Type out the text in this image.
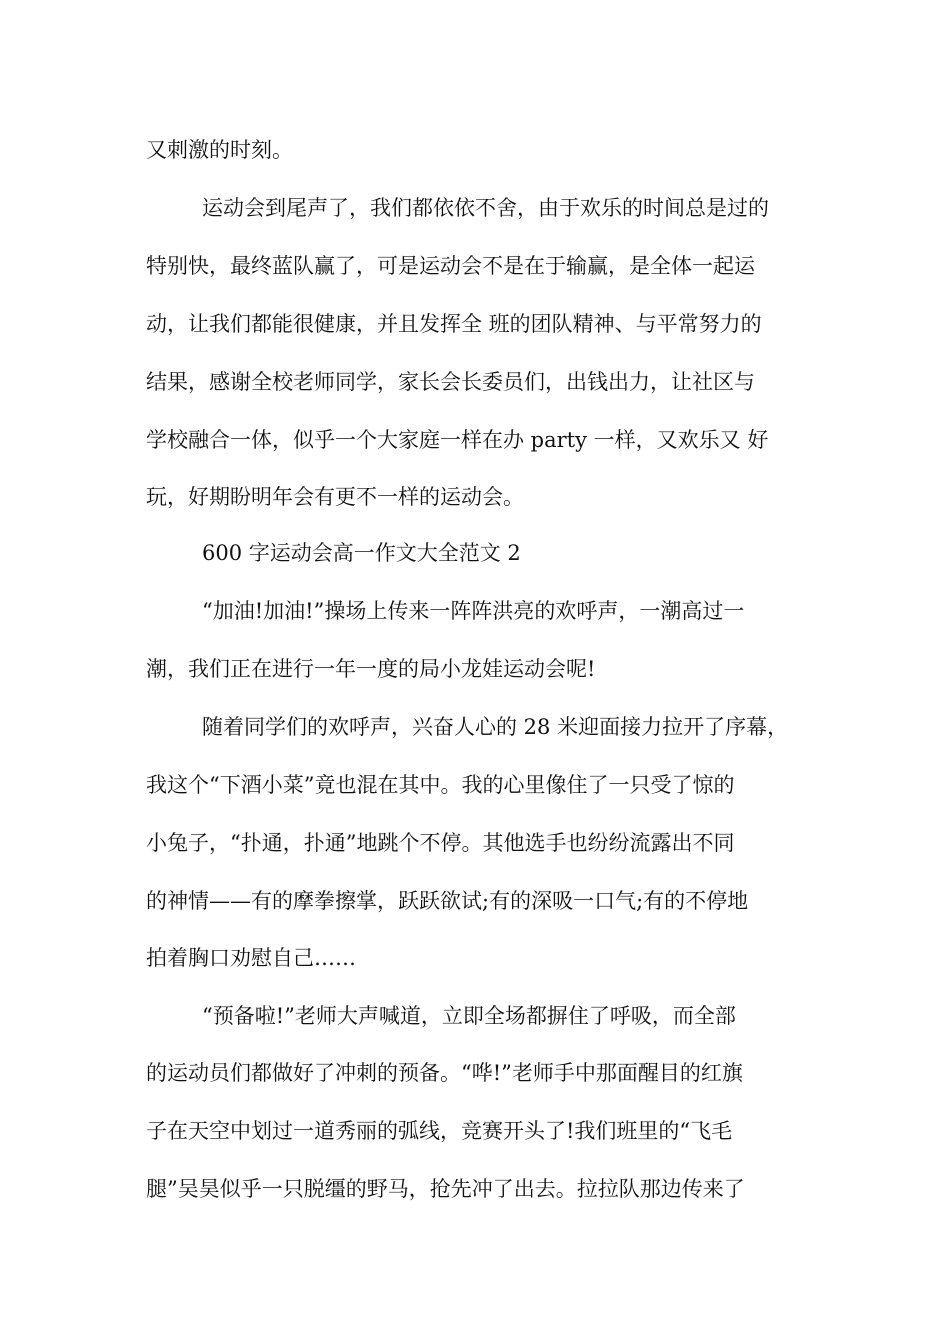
又刺激的时刻。
运动会到尾声了，我们都依依不舍，由于欢乐的时间总是过的
特别快，最终蓝队赢了，可是运动会不是在于输赢，是全体一起运
动，让我们都能很健康，并且发挥全 班的团队精神、与平常努力的
结果，感谢全校老师同学，家长会长委员们，出钱出力，让社区与
学校融合一体，似乎一个大家庭一样在办 party 一样，又欢乐又 好
玩，好期盼明年会有更不一样的运动会。
600 字运动会高一作文大全范文 2
“加油!加油!”操场上传来一阵阵洪亮的欢呼声，一潮高过一
潮，我们正在进行一年一度的局小龙娃运动会呢!
随着同学们的欢呼声，兴奋人心的 28 米迎面接力拉开了序幕，
我这个“下酒小菜”竟也混在其中。我的心里像住了一只受了惊的
小兔子，“扑通，扑通”地跳个不停。其他选手也纷纷流露出不同
的神情——有的摩拳擦掌，跃跃欲试;有的深吸一口气;有的不停地
拍着胸口劝慰自己……
“预备啦!”老师大声喊道，立即全场都摒住了呼吸，而全部
的运动员们都做好了冲刺的预备。“哗!”老师手中那面醒目的红旗
子在天空中划过一道秀丽的弧线，竞赛开头了!我们班里的“飞毛
腿”吴昊似乎一只脱缰的野马，抢先冲了出去。拉拉队那边传来了
